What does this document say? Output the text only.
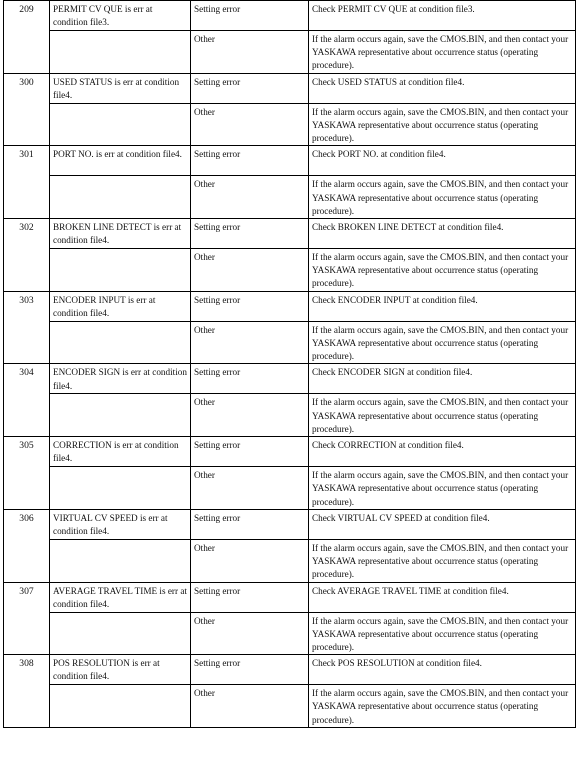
209	PERMIT CV QUE is err at condition file3.	Setting error	Check PERMIT CV QUE at condition file3.
		Other	If the alarm occurs again, save the CMOS.BIN, and then contact your YASKAWA representative about occurrence status (operating procedure).
300	USED STATUS is err at condition file4.	Setting error	Check USED STATUS at condition file4.
		Other	If the alarm occurs again, save the CMOS.BIN, and then contact your YASKAWA representative about occurrence status (operating procedure).
301	PORT NO. is err at condition file4.	Setting error	Check PORT NO. at condition file4.
		Other	If the alarm occurs again, save the CMOS.BIN, and then contact your YASKAWA representative about occurrence status (operating procedure).
302	BROKEN LINE DETECT is err at condition file4.	Setting error	Check BROKEN LINE DETECT at condition file4.
		Other	If the alarm occurs again, save the CMOS.BIN, and then contact your YASKAWA representative about occurrence status (operating procedure).
303	ENCODER INPUT is err at condition file4.	Setting error	Check ENCODER INPUT at condition file4.
		Other	If the alarm occurs again, save the CMOS.BIN, and then contact your YASKAWA representative about occurrence status (operating procedure).
304	ENCODER SIGN is err at condition file4.	Setting error	Check ENCODER SIGN at condition file4.
		Other	If the alarm occurs again, save the CMOS.BIN, and then contact your YASKAWA representative about occurrence status (operating procedure).
305	CORRECTION is err at condition file4.	Setting error	Check CORRECTION at condition file4.
		Other	If the alarm occurs again, save the CMOS.BIN, and then contact your YASKAWA representative about occurrence status (operating procedure).
306	VIRTUAL CV SPEED is err at condition file4.	Setting error	Check VIRTUAL CV SPEED at condition file4.
		Other	If the alarm occurs again, save the CMOS.BIN, and then contact your YASKAWA representative about occurrence status (operating procedure).
307	AVERAGE TRAVEL TIME is err at condition file4.	Setting error	Check AVERAGE TRAVEL TIME at condition file4.
		Other	If the alarm occurs again, save the CMOS.BIN, and then contact your YASKAWA representative about occurrence status (operating procedure).
308	POS RESOLUTION is err at condition file4.	Setting error	Check POS RESOLUTION at condition file4.
		Other	If the alarm occurs again, save the CMOS.BIN, and then contact your YASKAWA representative about occurrence status (operating procedure).
